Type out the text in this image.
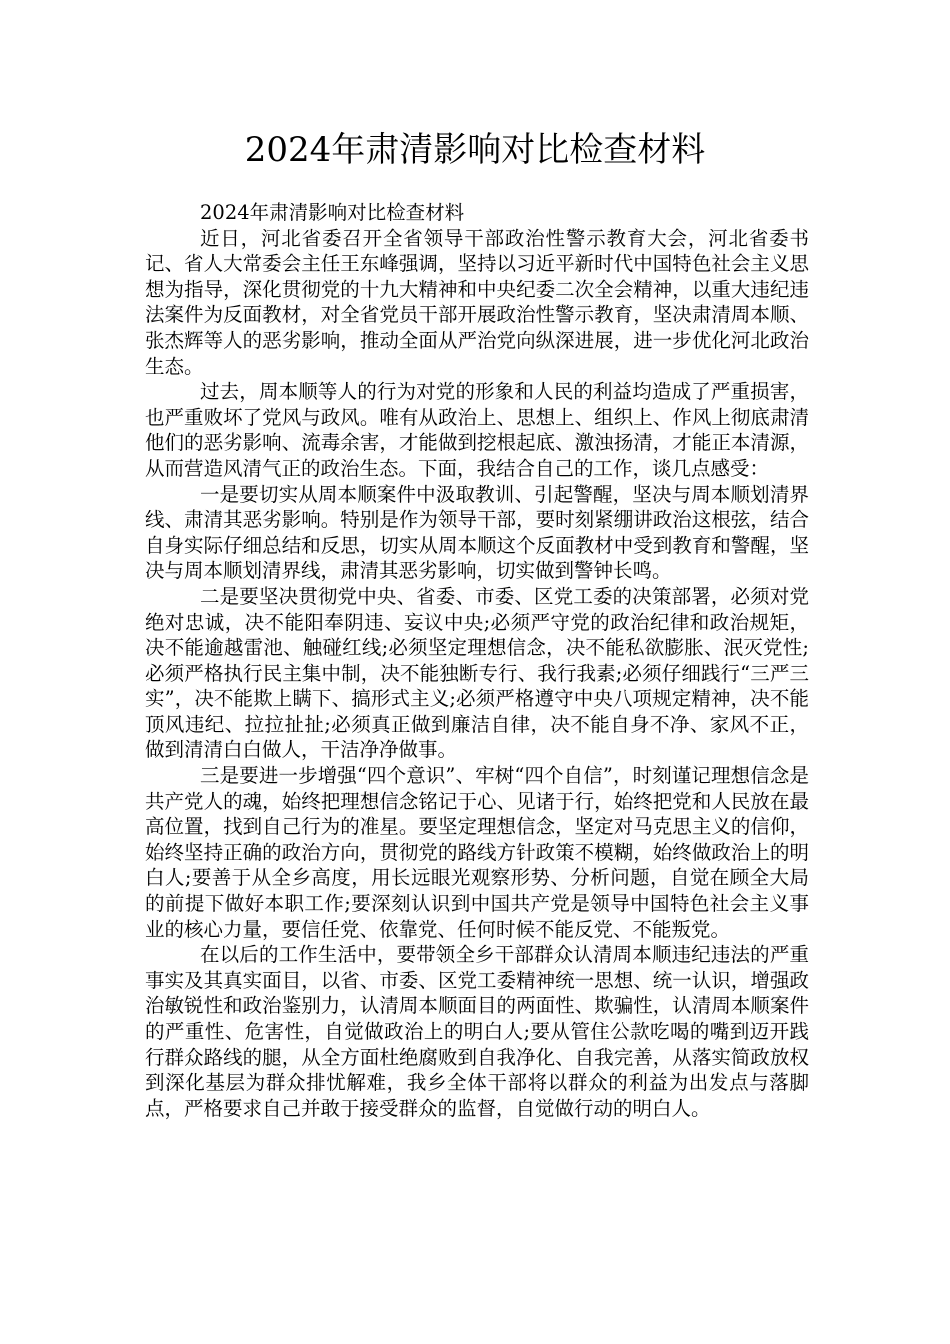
2024年肃清影响对比检查材料

2024年肃清影响对比检查材料

近日，河北省委召开全省领导干部政治性警示教育大会，河北省委书记、省人大常委会主任王东峰强调，坚持以习近平新时代中国特色社会主义思想为指导，深化贯彻党的十九大精神和中央纪委二次全会精神，以重大违纪违法案件为反面教材，对全省党员干部开展政治性警示教育，坚决肃清周本顺、张杰辉等人的恶劣影响，推动全面从严治党向纵深进展，进一步优化河北政治生态。

过去，周本顺等人的行为对党的形象和人民的利益均造成了严重损害，也严重败坏了党风与政风。唯有从政治上、思想上、组织上、作风上彻底肃清他们的恶劣影响、流毒余害，才能做到挖根起底、激浊扬清，才能正本清源，从而营造风清气正的政治生态。下面，我结合自己的工作，谈几点感受：

一是要切实从周本顺案件中汲取教训、引起警醒，坚决与周本顺划清界线、肃清其恶劣影响。特别是作为领导干部，要时刻紧绷讲政治这根弦，结合自身实际仔细总结和反思，切实从周本顺这个反面教材中受到教育和警醒，坚决与周本顺划清界线，肃清其恶劣影响，切实做到警钟长鸣。

二是要坚决贯彻党中央、省委、市委、区党工委的决策部署，必须对党绝对忠诚，决不能阳奉阴违、妄议中央;必须严守党的政治纪律和政治规矩，决不能逾越雷池、触碰红线;必须坚定理想信念，决不能私欲膨胀、泯灭党性;必须严格执行民主集中制，决不能独断专行、我行我素;必须仔细践行“三严三实”，决不能欺上瞒下、搞形式主义;必须严格遵守中央八项规定精神，决不能顶风违纪、拉拉扯扯;必须真正做到廉洁自律，决不能自身不净、家风不正，做到清清白白做人，干洁净净做事。

三是要进一步增强“四个意识”、牢树“四个自信”，时刻谨记理想信念是共产党人的魂，始终把理想信念铭记于心、见诸于行，始终把党和人民放在最高位置，找到自己行为的准星。要坚定理想信念，坚定对马克思主义的信仰，始终坚持正确的政治方向，贯彻党的路线方针政策不模糊，始终做政治上的明白人;要善于从全乡高度，用长远眼光观察形势、分析问题，自觉在顾全大局的前提下做好本职工作;要深刻认识到中国共产党是领导中国特色社会主义事业的核心力量，要信任党、依靠党、任何时候不能反党、不能叛党。

在以后的工作生活中，要带领全乡干部群众认清周本顺违纪违法的严重事实及其真实面目，以省、市委、区党工委精神统一思想、统一认识，增强政治敏锐性和政治鉴别力，认清周本顺面目的两面性、欺骗性，认清周本顺案件的严重性、危害性，自觉做政治上的明白人;要从管住公款吃喝的嘴到迈开践行群众路线的腿，从全方面杜绝腐败到自我净化、自我完善，从落实简政放权到深化基层为群众排忧解难，我乡全体干部将以群众的利益为出发点与落脚点，严格要求自己并敢于接受群众的监督，自觉做行动的明白人。
